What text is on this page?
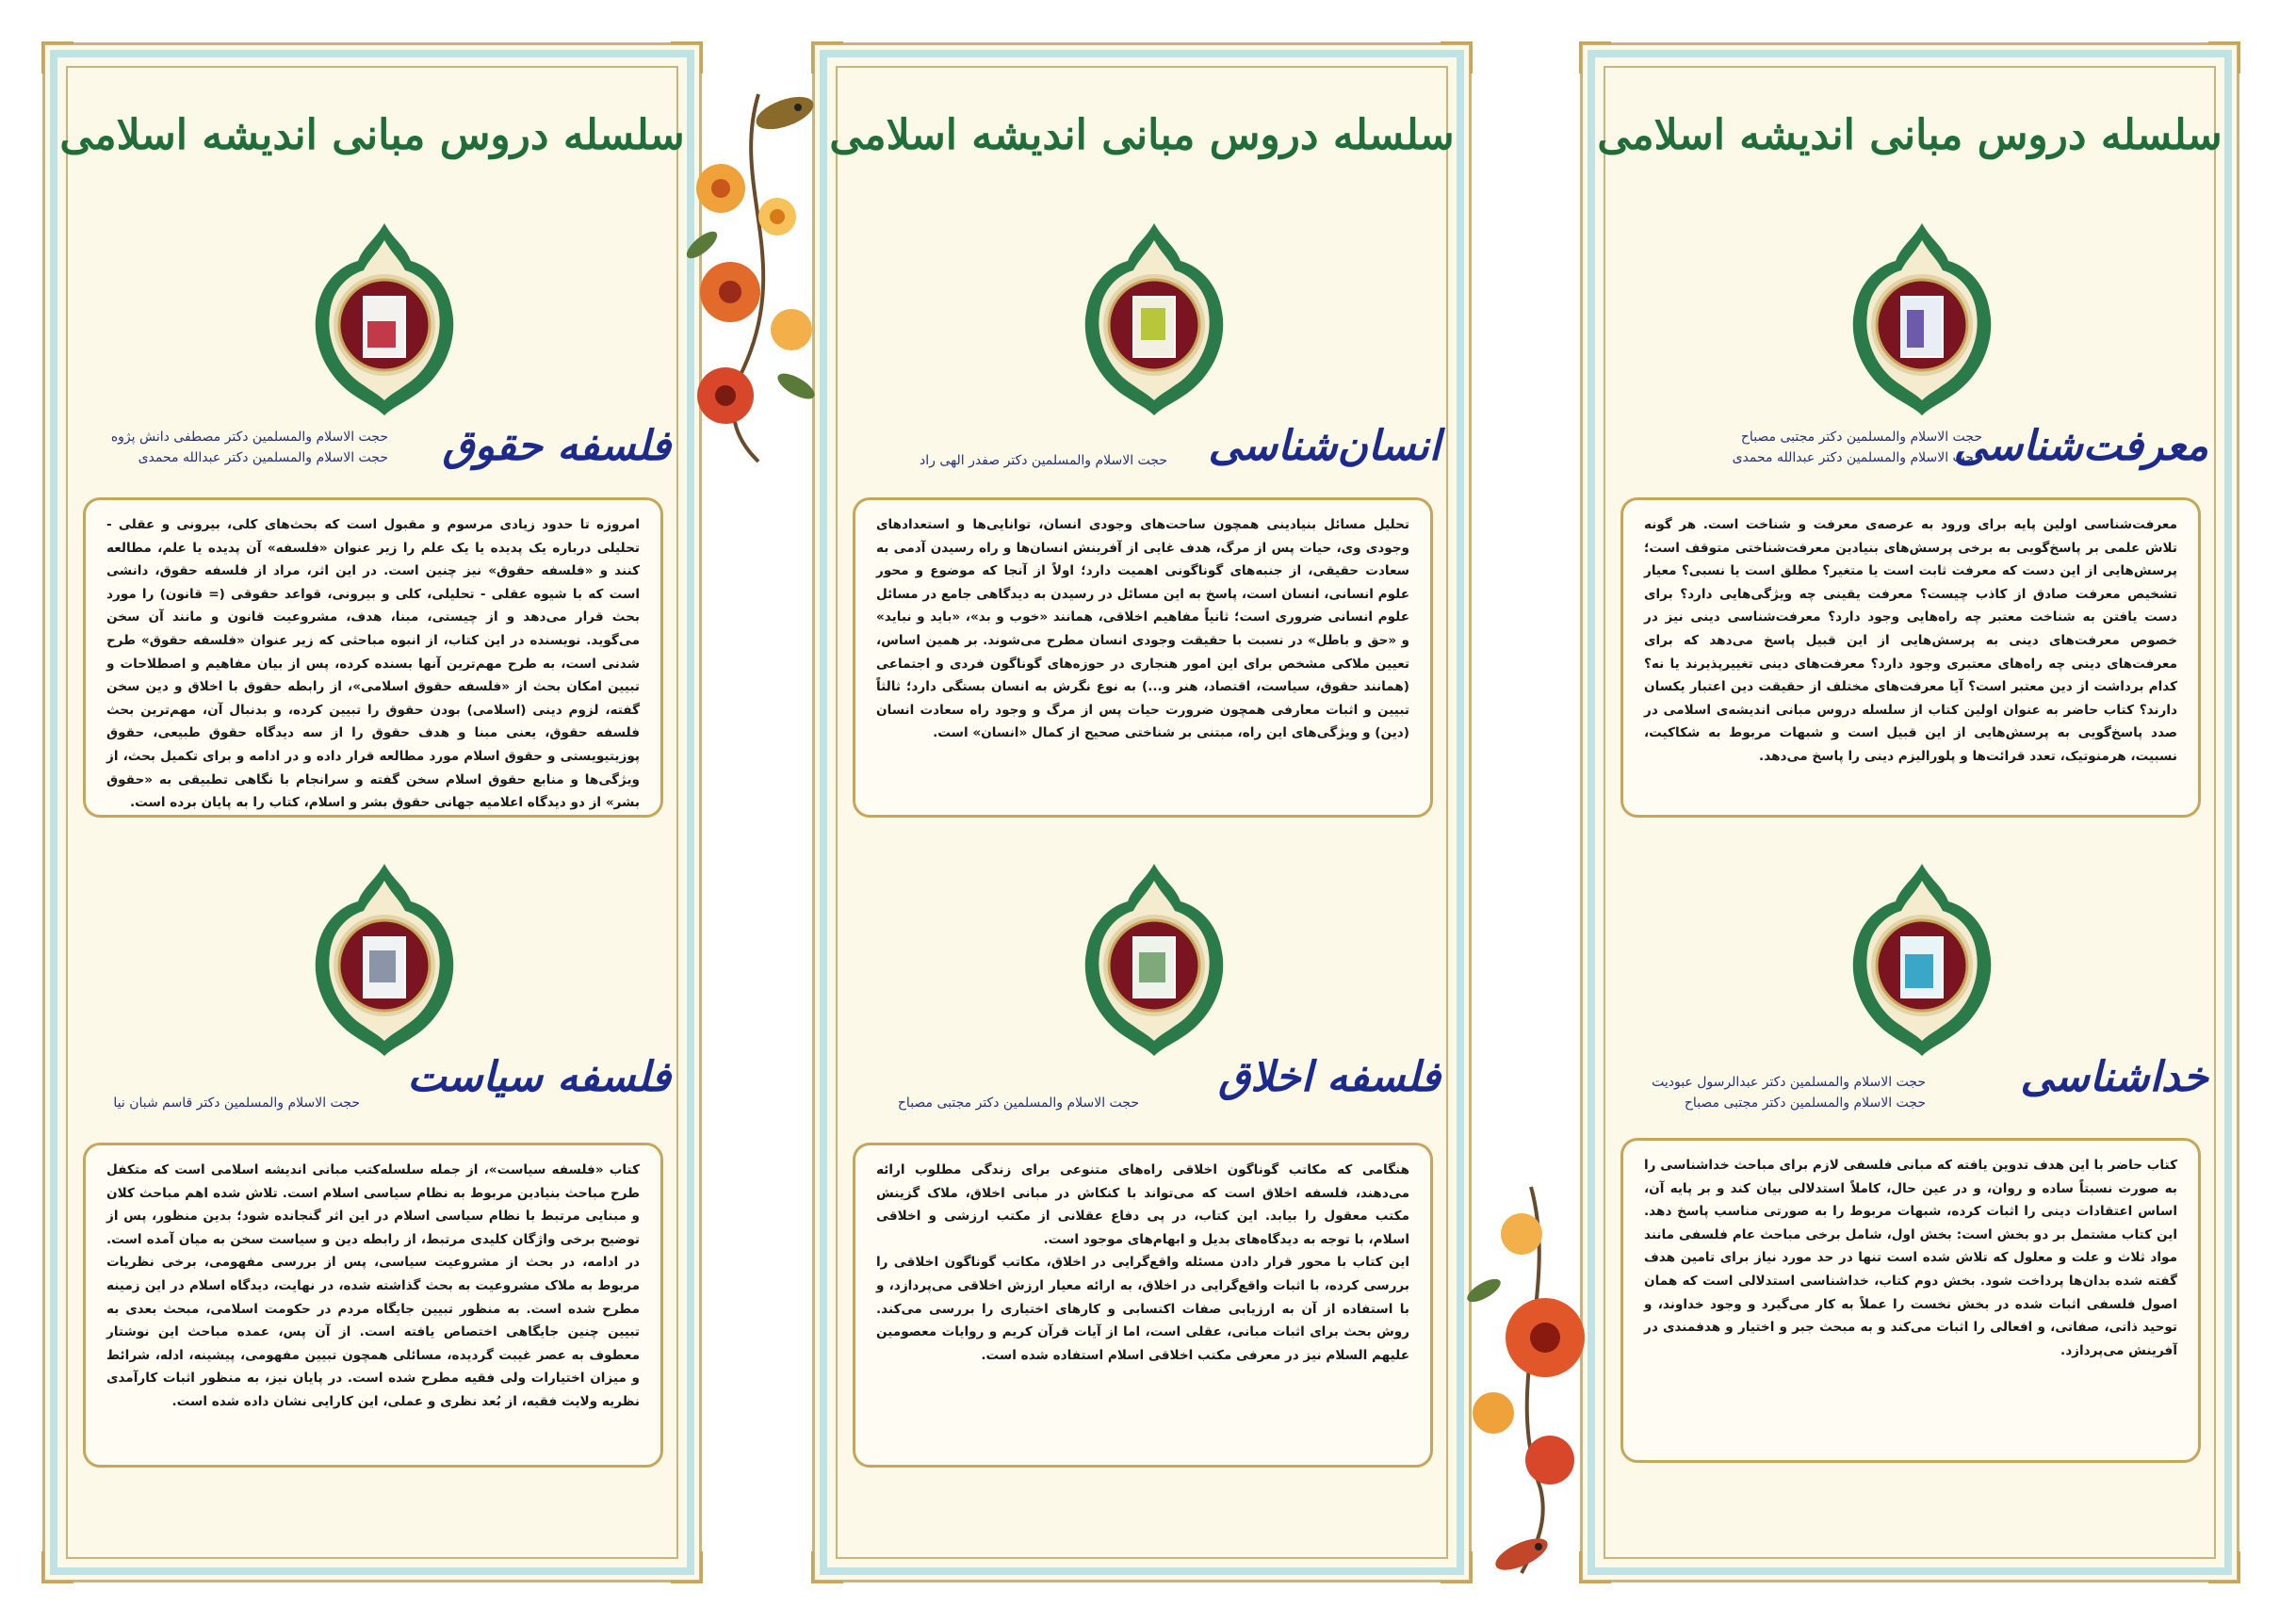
سلسله دروس مبانی اندیشه اسلامی
معرفت‌شناسی
حجت الاسلام والمسلمین دکتر مجتبی مصباح
حجت الاسلام والمسلمین دکتر عبدالله محمدی

معرفت‌شناسی اولین پایه برای ورود به عرصه‌ی معرفت و شناخت است. هر گونه تلاش علمی بر پاسخ‌گویی به برخی پرسش‌های بنیادین معرفت‌شناختی متوقف است؛ پرسش‌هایی از این دست که معرفت ثابت است یا متغیر؟ مطلق است یا نسبی؟ معیار تشخیص معرفت صادق از کاذب چیست؟ معرفت یقینی چه ویژگی‌هایی دارد؟ برای دست یافتن به شناخت معتبر چه راه‌هایی وجود دارد؟ معرفت‌شناسی دینی نیز در خصوص معرفت‌های دینی به پرسش‌هایی از این قبیل پاسخ می‌دهد که برای معرفت‌های دینی چه راه‌های معتبری وجود دارد؟ معرفت‌های دینی تغییرپذیرند یا نه؟ کدام برداشت از دین معتبر است؟ آیا معرفت‌های مختلف از حقیقت دین اعتبار یکسان دارند؟ کتاب حاضر به عنوان اولین کتاب از سلسله دروس مبانی اندیشه‌ی اسلامی در صدد پاسخ‌گویی به پرسش‌هایی از این قبیل است و شبهات مربوط به شکاکیت، نسبیت، هرمنوتیک، تعدد قرائت‌ها و پلورالیزم دینی را پاسخ می‌دهد.

خداشناسی
حجت الاسلام والمسلمین دکتر عبدالرسول عبودیت
حجت الاسلام والمسلمین دکتر مجتبی مصباح

کتاب حاضر با این هدف تدوین یافته که مبانی فلسفی لازم برای مباحث خداشناسی را به صورت نسبتاً ساده و روان، و در عین حال، کاملاً استدلالی بیان کند و بر پایه آن، اساس اعتقادات دینی را اثبات کرده، شبهات مربوط را به صورتی مناسب پاسخ دهد. این کتاب مشتمل بر دو بخش است: بخش اول، شامل برخی مباحث عام فلسفی مانند مواد ثلاث و علت و معلول که تلاش شده است تنها در حد مورد نیاز برای تامین هدف گفته شده بدان‌ها پرداخت شود. بخش دوم کتاب، خداشناسی استدلالی است که همان اصول فلسفی اثبات شده در بخش نخست را عملاً به کار می‌گیرد و وجود خداوند، و توحید ذاتی، صفاتی، و افعالی را اثبات می‌کند و به مبحث جبر و اختیار و هدفمندی در آفرینش می‌پردازد.

سلسله دروس مبانی اندیشه اسلامی
انسان‌شناسی
حجت الاسلام والمسلمین دکتر صفدر الهی راد

تحلیل مسائل بنیادینی همچون ساحت‌های وجودی انسان، توانایی‌ها و استعدادهای وجودی وی، حیات پس از مرگ، هدف غایی از آفرینش انسان‌ها و راه رسیدن آدمی به سعادت حقیقی، از جنبه‌های گوناگونی اهمیت دارد؛ اولاً از آنجا که موضوع و محور علوم انسانی، انسان است، پاسخ به این مسائل در رسیدن به دیدگاهی جامع در مسائل علوم انسانی ضروری است؛ ثانیاً مفاهیم اخلاقی، همانند «خوب و بد»، «باید و نباید» و «حق و باطل» در نسبت با حقیقت وجودی انسان مطرح می‌شوند. بر همین اساس، تعیین ملاکی مشخص برای این امور هنجاری در حوزه‌های گوناگون فردی و اجتماعی (همانند حقوق، سیاست، اقتصاد، هنر و...) به نوع نگرش به انسان بستگی دارد؛ ثالثاً تبیین و اثبات معارفی همچون ضرورت حیات پس از مرگ و وجود راه سعادت انسان (دین) و ویژگی‌های این راه، مبتنی بر شناختی صحیح از کمال «انسان» است.

فلسفه اخلاق
حجت الاسلام والمسلمین دکتر مجتبی مصباح

هنگامی که مکاتب گوناگون اخلاقی راه‌های متنوعی برای زندگی مطلوب ارائه می‌دهند، فلسفه اخلاق است که می‌تواند با کنکاش در مبانی اخلاق، ملاک گزینش مکتب معقول را بیابد. این کتاب، در پی دفاع عقلانی از مکتب ارزشی و اخلاقی اسلام، با توجه به دیدگاه‌های بدیل و ابهام‌های موجود است.

این کتاب با محور قرار دادن مسئله واقع‌گرایی در اخلاق، مکاتب گوناگون اخلاقی را بررسی کرده، با اثبات واقع‌گرایی در اخلاق، به ارائه معیار ارزش اخلاقی می‌پردازد، و با استفاده از آن به ارزیابی صفات اکتسابی و کارهای اختیاری را بررسی می‌کند. روش بحث برای اثبات مبانی، عقلی است، اما از آیات قرآن کریم و روایات معصومین علیهم السلام نیز در معرفی مکتب اخلاقی اسلام استفاده شده است.

سلسله دروس مبانی اندیشه اسلامی
فلسفه حقوق
حجت الاسلام والمسلمین دکتر مصطفی دانش پژوه
حجت الاسلام والمسلمین دکتر عبدالله محمدی

امروزه تا حدود زیادی مرسوم و مقبول است که بحث‌های کلی، بیرونی و عقلی - تحلیلی درباره یک پدیده یا یک علم را زیر عنوان «فلسفه» آن پدیده یا علم، مطالعه کنند و «فلسفه حقوق» نیز چنین است. در این اثر، مراد از فلسفه حقوق، دانشی است که با شیوه عقلی - تحلیلی، کلی و بیرونی، قواعد حقوقی (= قانون) را مورد بحث قرار می‌دهد و از چیستی، مبنا، هدف، مشروعیت قانون و مانند آن سخن می‌گوید. نویسنده در این کتاب، از انبوه مباحثی که زیر عنوان «فلسفه حقوق» طرح شدنی است، به طرح مهم‌ترین آنها بسنده کرده، پس از بیان مفاهیم و اصطلاحات و تبیین امکان بحث از «فلسفه حقوق اسلامی»، از رابطه حقوق با اخلاق و دین سخن گفته، لزوم دینی (اسلامی) بودن حقوق را تبیین کرده، و بدنبال آن، مهم‌ترین بحث فلسفه حقوق، یعنی مبنا و هدف حقوق را از سه دیدگاه حقوق طبیعی، حقوق پوزیتیویستی و حقوق اسلام مورد مطالعه قرار داده و در ادامه و برای تکمیل بحث، از ویژگی‌ها و منابع حقوق اسلام سخن گفته و سرانجام با نگاهی تطبیقی به «حقوق بشر» از دو دیدگاه اعلامیه جهانی حقوق بشر و اسلام، کتاب را به پایان برده است.

فلسفه سیاست
حجت الاسلام والمسلمین دکتر قاسم شبان نیا

کتاب «فلسفه سیاست»، از جمله سلسله‌کتب مبانی اندیشه اسلامی است که متکفل طرح مباحث بنیادین مربوط به نظام سیاسی اسلام است. تلاش شده اهم مباحث کلان و مبنایی مرتبط با نظام سیاسی اسلام در این اثر گنجانده شود؛ بدین منظور، پس از توضیح برخی واژگان کلیدی مرتبط، از رابطه دین و سیاست سخن به میان آمده است. در ادامه، در بحث از مشروعیت سیاسی، پس از بررسی مفهومی، برخی نظریات مربوط به ملاک مشروعیت به بحث گذاشته شده، در نهایت، دیدگاه اسلام در این زمینه مطرح شده است. به منظور تبیین جایگاه مردم در حکومت اسلامی، مبحث بعدی به تبیین چنین جایگاهی اختصاص یافته است. از آن پس، عمده مباحث این نوشتار معطوف به عصر غیبت گردیده، مسائلی همچون تبیین مفهومی، پیشینه، ادله، شرائط و میزان اختیارات ولی فقیه مطرح شده است. در پایان نیز، به منظور اثبات کارآمدی نظریه ولایت فقیه، از بُعد نظری و عملی، این کارایی نشان داده شده است.
